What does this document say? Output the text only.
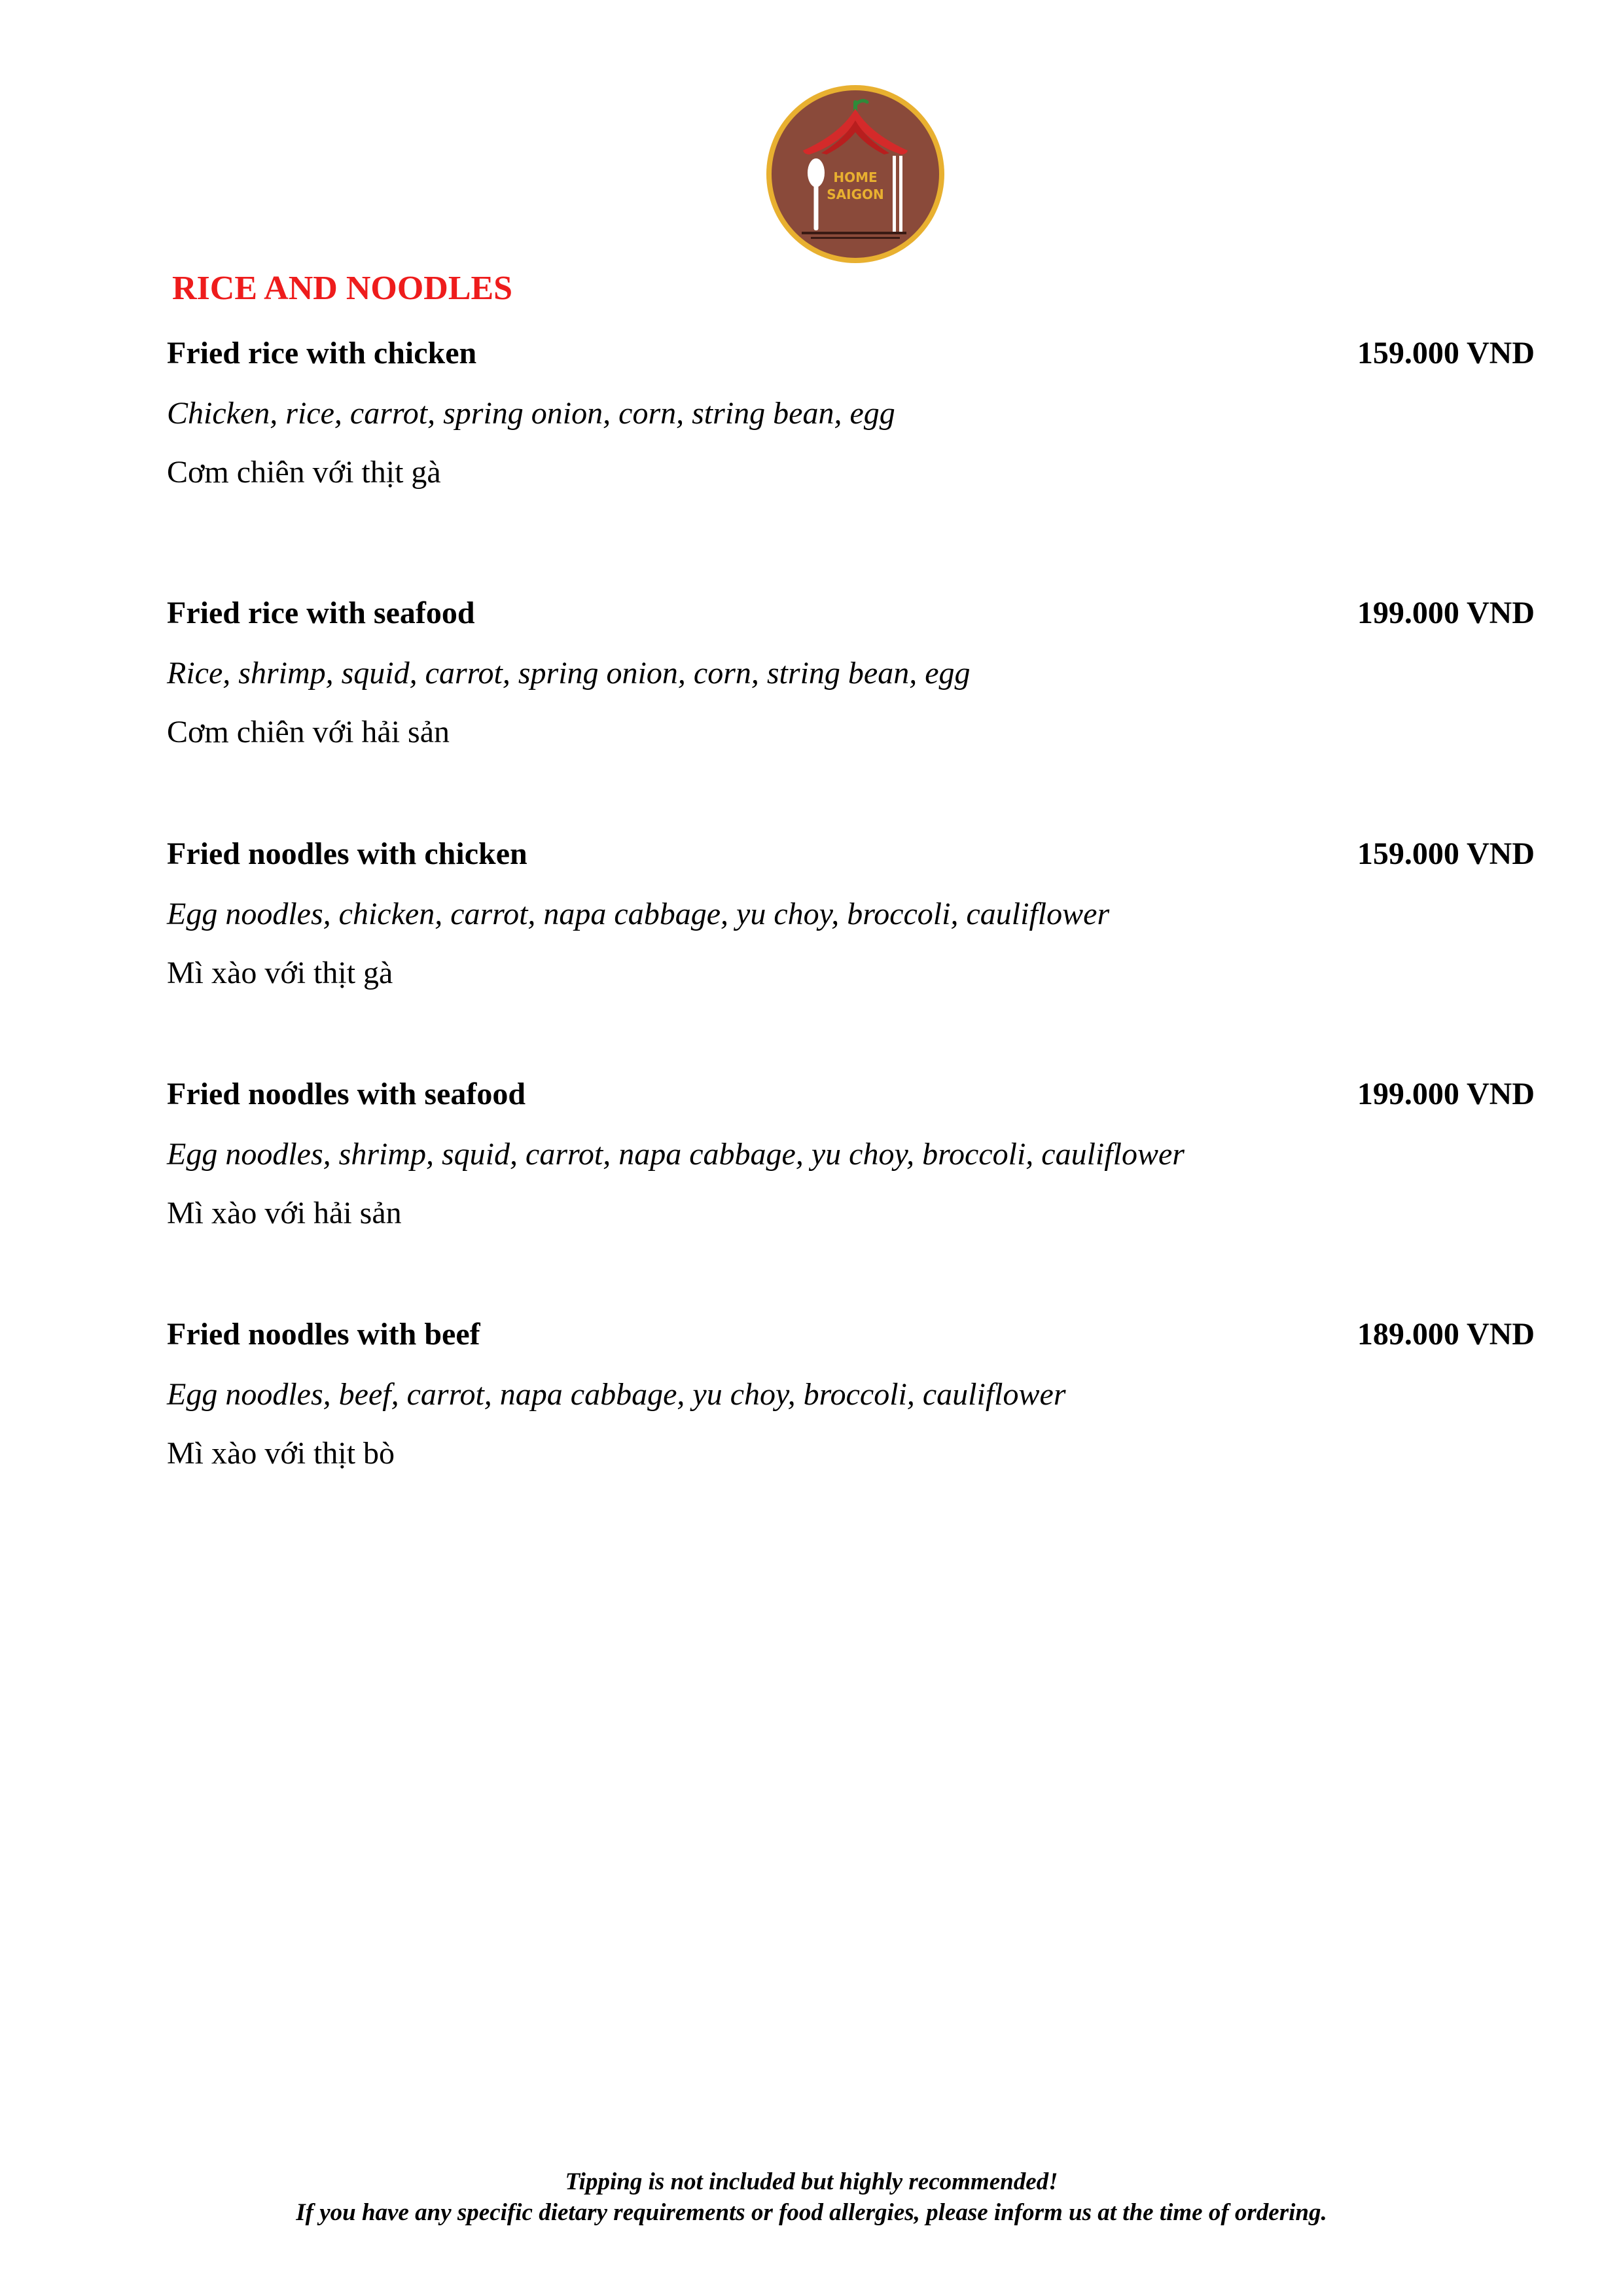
HOME
SAIGON
RICE AND NOODLES
Fried rice with chicken	159.000 VND
Chicken, rice, carrot, spring onion, corn, string bean, egg
Cơm chiên với thịt gà
Fried rice with seafood	199.000 VND
Rice, shrimp, squid, carrot, spring onion, corn, string bean, egg
Cơm chiên với hải sản
Fried noodles with chicken	159.000 VND
Egg noodles, chicken, carrot, napa cabbage, yu choy, broccoli, cauliflower
Mì xào với thịt gà
Fried noodles with seafood	199.000 VND
Egg noodles, shrimp, squid, carrot, napa cabbage, yu choy, broccoli, cauliflower
Mì xào với hải sản
Fried noodles with beef	189.000 VND
Egg noodles, beef, carrot, napa cabbage, yu choy, broccoli, cauliflower
Mì xào với thịt bò
Tipping is not included but highly recommended!
If you have any specific dietary requirements or food allergies, please inform us at the time of ordering.
